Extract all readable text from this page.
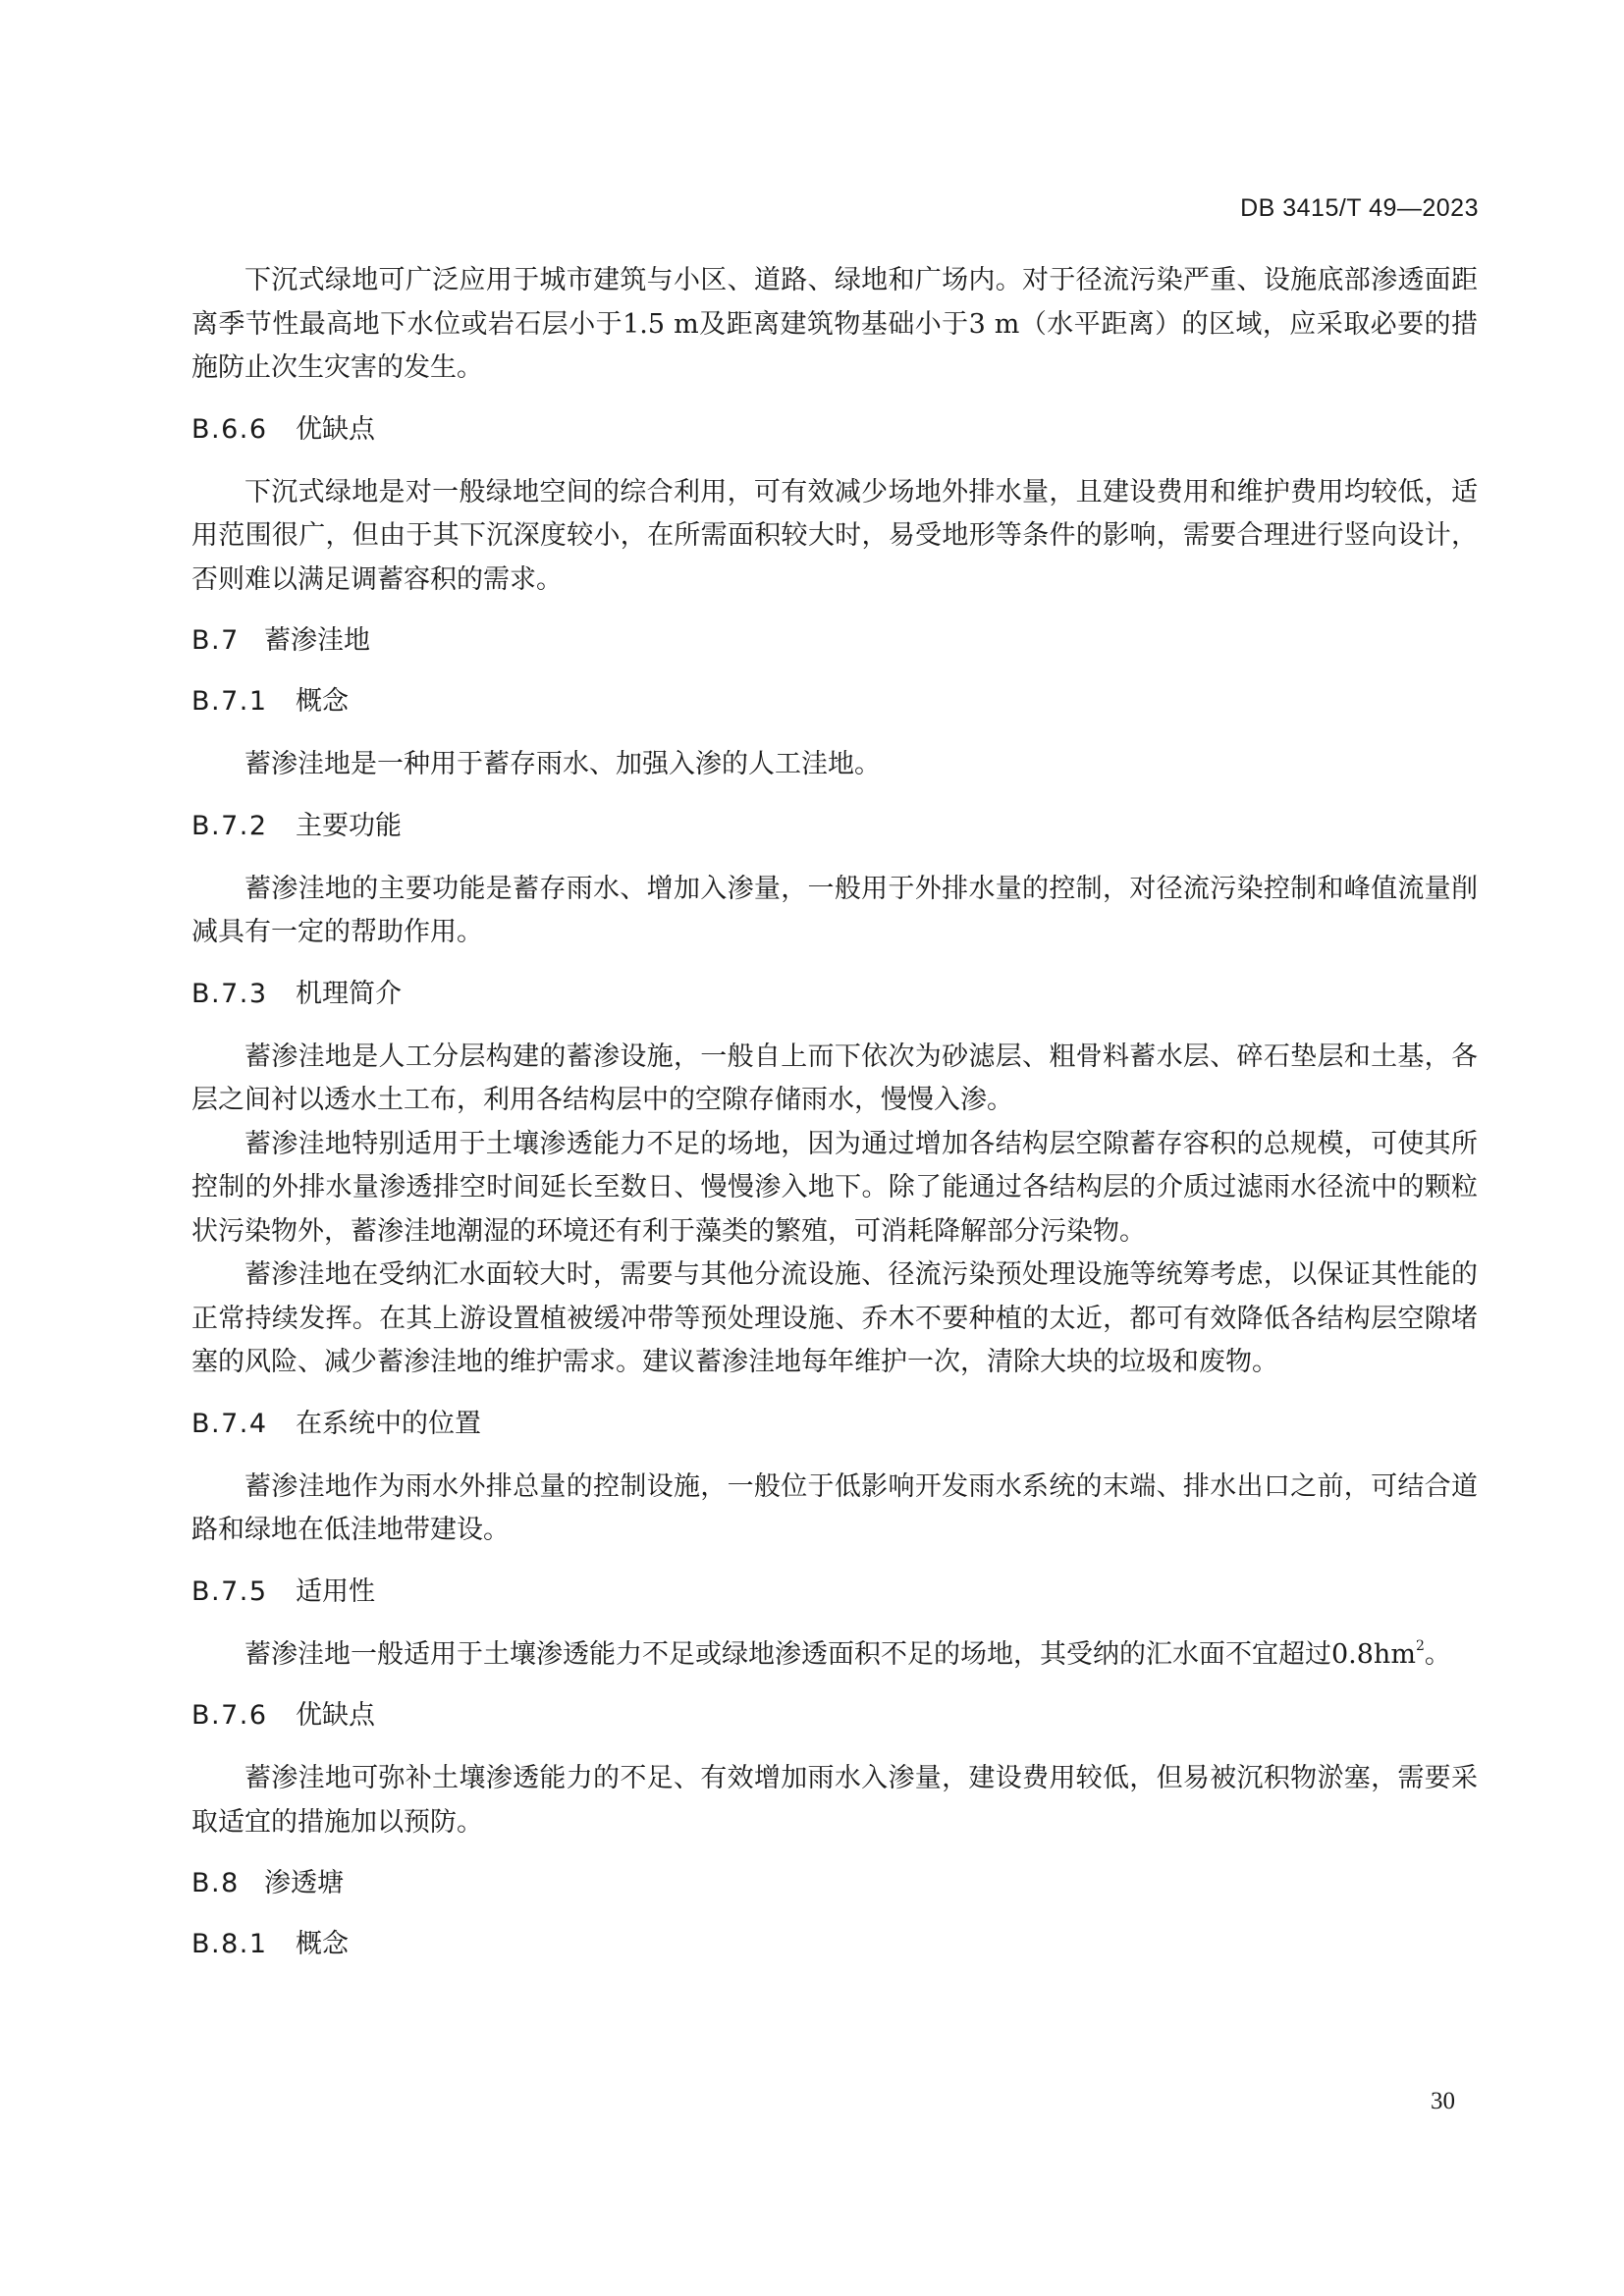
DB 3415/T 49—2023

下沉式绿地可广泛应用于城市建筑与小区、道路、绿地和广场内。对于径流污染严重、设施底部渗透面距离季节性最高地下水位或岩石层小于1.5 m及距离建筑物基础小于3 m（水平距离）的区域，应采取必要的措施防止次生灾害的发生。

B.6.6 优缺点

下沉式绿地是对一般绿地空间的综合利用，可有效减少场地外排水量，且建设费用和维护费用均较低，适用范围很广，但由于其下沉深度较小，在所需面积较大时，易受地形等条件的影响，需要合理进行竖向设计，否则难以满足调蓄容积的需求。

B.7 蓄渗洼地
B.7.1 概念

蓄渗洼地是一种用于蓄存雨水、加强入渗的人工洼地。

B.7.2 主要功能

蓄渗洼地的主要功能是蓄存雨水、增加入渗量，一般用于外排水量的控制，对径流污染控制和峰值流量削减具有一定的帮助作用。

B.7.3 机理简介

蓄渗洼地是人工分层构建的蓄渗设施，一般自上而下依次为砂滤层、粗骨料蓄水层、碎石垫层和土基，各层之间衬以透水土工布，利用各结构层中的空隙存储雨水，慢慢入渗。

蓄渗洼地特别适用于土壤渗透能力不足的场地，因为通过增加各结构层空隙蓄存容积的总规模，可使其所控制的外排水量渗透排空时间延长至数日、慢慢渗入地下。除了能通过各结构层的介质过滤雨水径流中的颗粒状污染物外，蓄渗洼地潮湿的环境还有利于藻类的繁殖，可消耗降解部分污染物。

蓄渗洼地在受纳汇水面较大时，需要与其他分流设施、径流污染预处理设施等统筹考虑，以保证其性能的正常持续发挥。在其上游设置植被缓冲带等预处理设施、乔木不要种植的太近，都可有效降低各结构层空隙堵塞的风险、减少蓄渗洼地的维护需求。建议蓄渗洼地每年维护一次，清除大块的垃圾和废物。

B.7.4 在系统中的位置

蓄渗洼地作为雨水外排总量的控制设施，一般位于低影响开发雨水系统的末端、排水出口之前，可结合道路和绿地在低洼地带建设。

B.7.5 适用性

蓄渗洼地一般适用于土壤渗透能力不足或绿地渗透面积不足的场地，其受纳的汇水面不宜超过$0.8hm^2$。

B.7.6 优缺点

蓄渗洼地可弥补土壤渗透能力的不足、有效增加雨水入渗量，建设费用较低，但易被沉积物淤塞，需要采取适宜的措施加以预防。

B.8 渗透塘
B.8.1 概念

30
